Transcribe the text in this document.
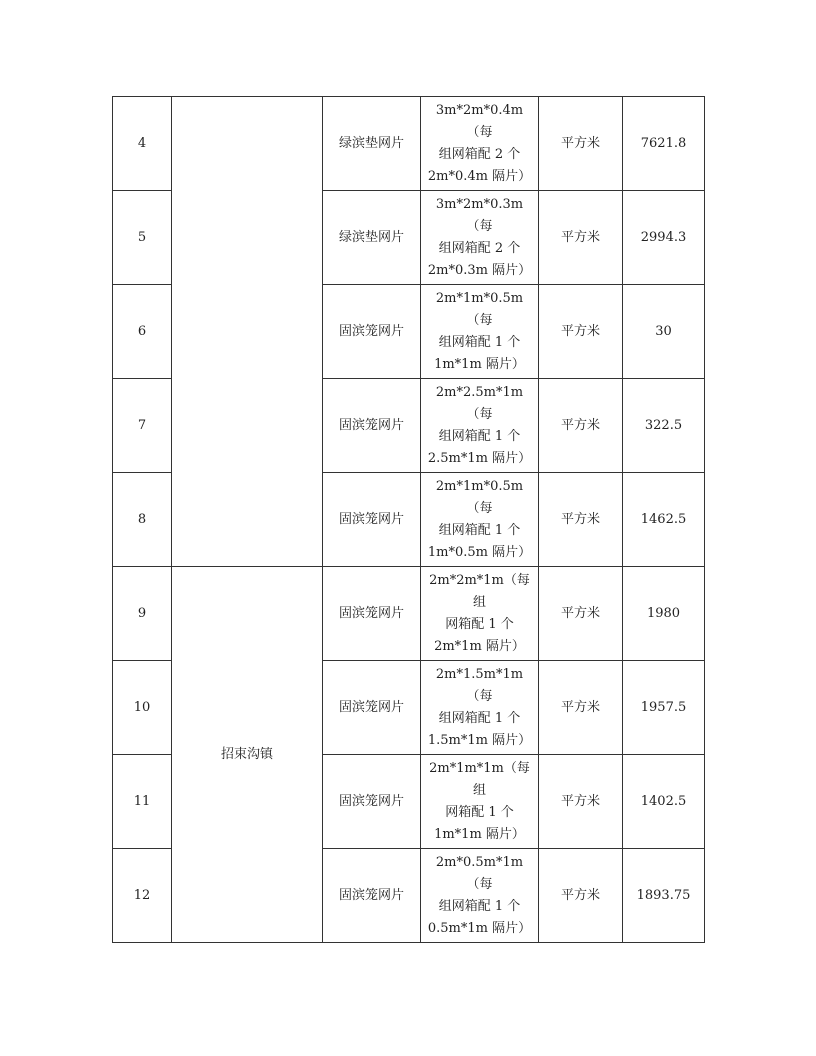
4		绿滨垫网片	3m*2m*0.4m（每
组网箱配 2 个
2m*0.4m 隔片）	平方米	7621.8
5		绿滨垫网片	3m*2m*0.3m（每
组网箱配 2 个
2m*0.3m 隔片）	平方米	2994.3
6		固滨笼网片	2m*1m*0.5m（每
组网箱配 1 个
1m*1m 隔片）	平方米	30
7		固滨笼网片	2m*2.5m*1m（每
组网箱配 1 个
2.5m*1m 隔片）	平方米	322.5
8		固滨笼网片	2m*1m*0.5m（每
组网箱配 1 个
1m*0.5m 隔片）	平方米	1462.5
9	招束沟镇	固滨笼网片	2m*2m*1m（每组
网箱配 1 个
2m*1m 隔片）	平方米	1980
10		固滨笼网片	2m*1.5m*1m（每
组网箱配 1 个
1.5m*1m 隔片）	平方米	1957.5
11		固滨笼网片	2m*1m*1m（每组
网箱配 1 个
1m*1m 隔片）	平方米	1402.5
12		固滨笼网片	2m*0.5m*1m（每
组网箱配 1 个
0.5m*1m 隔片）	平方米	1893.75
